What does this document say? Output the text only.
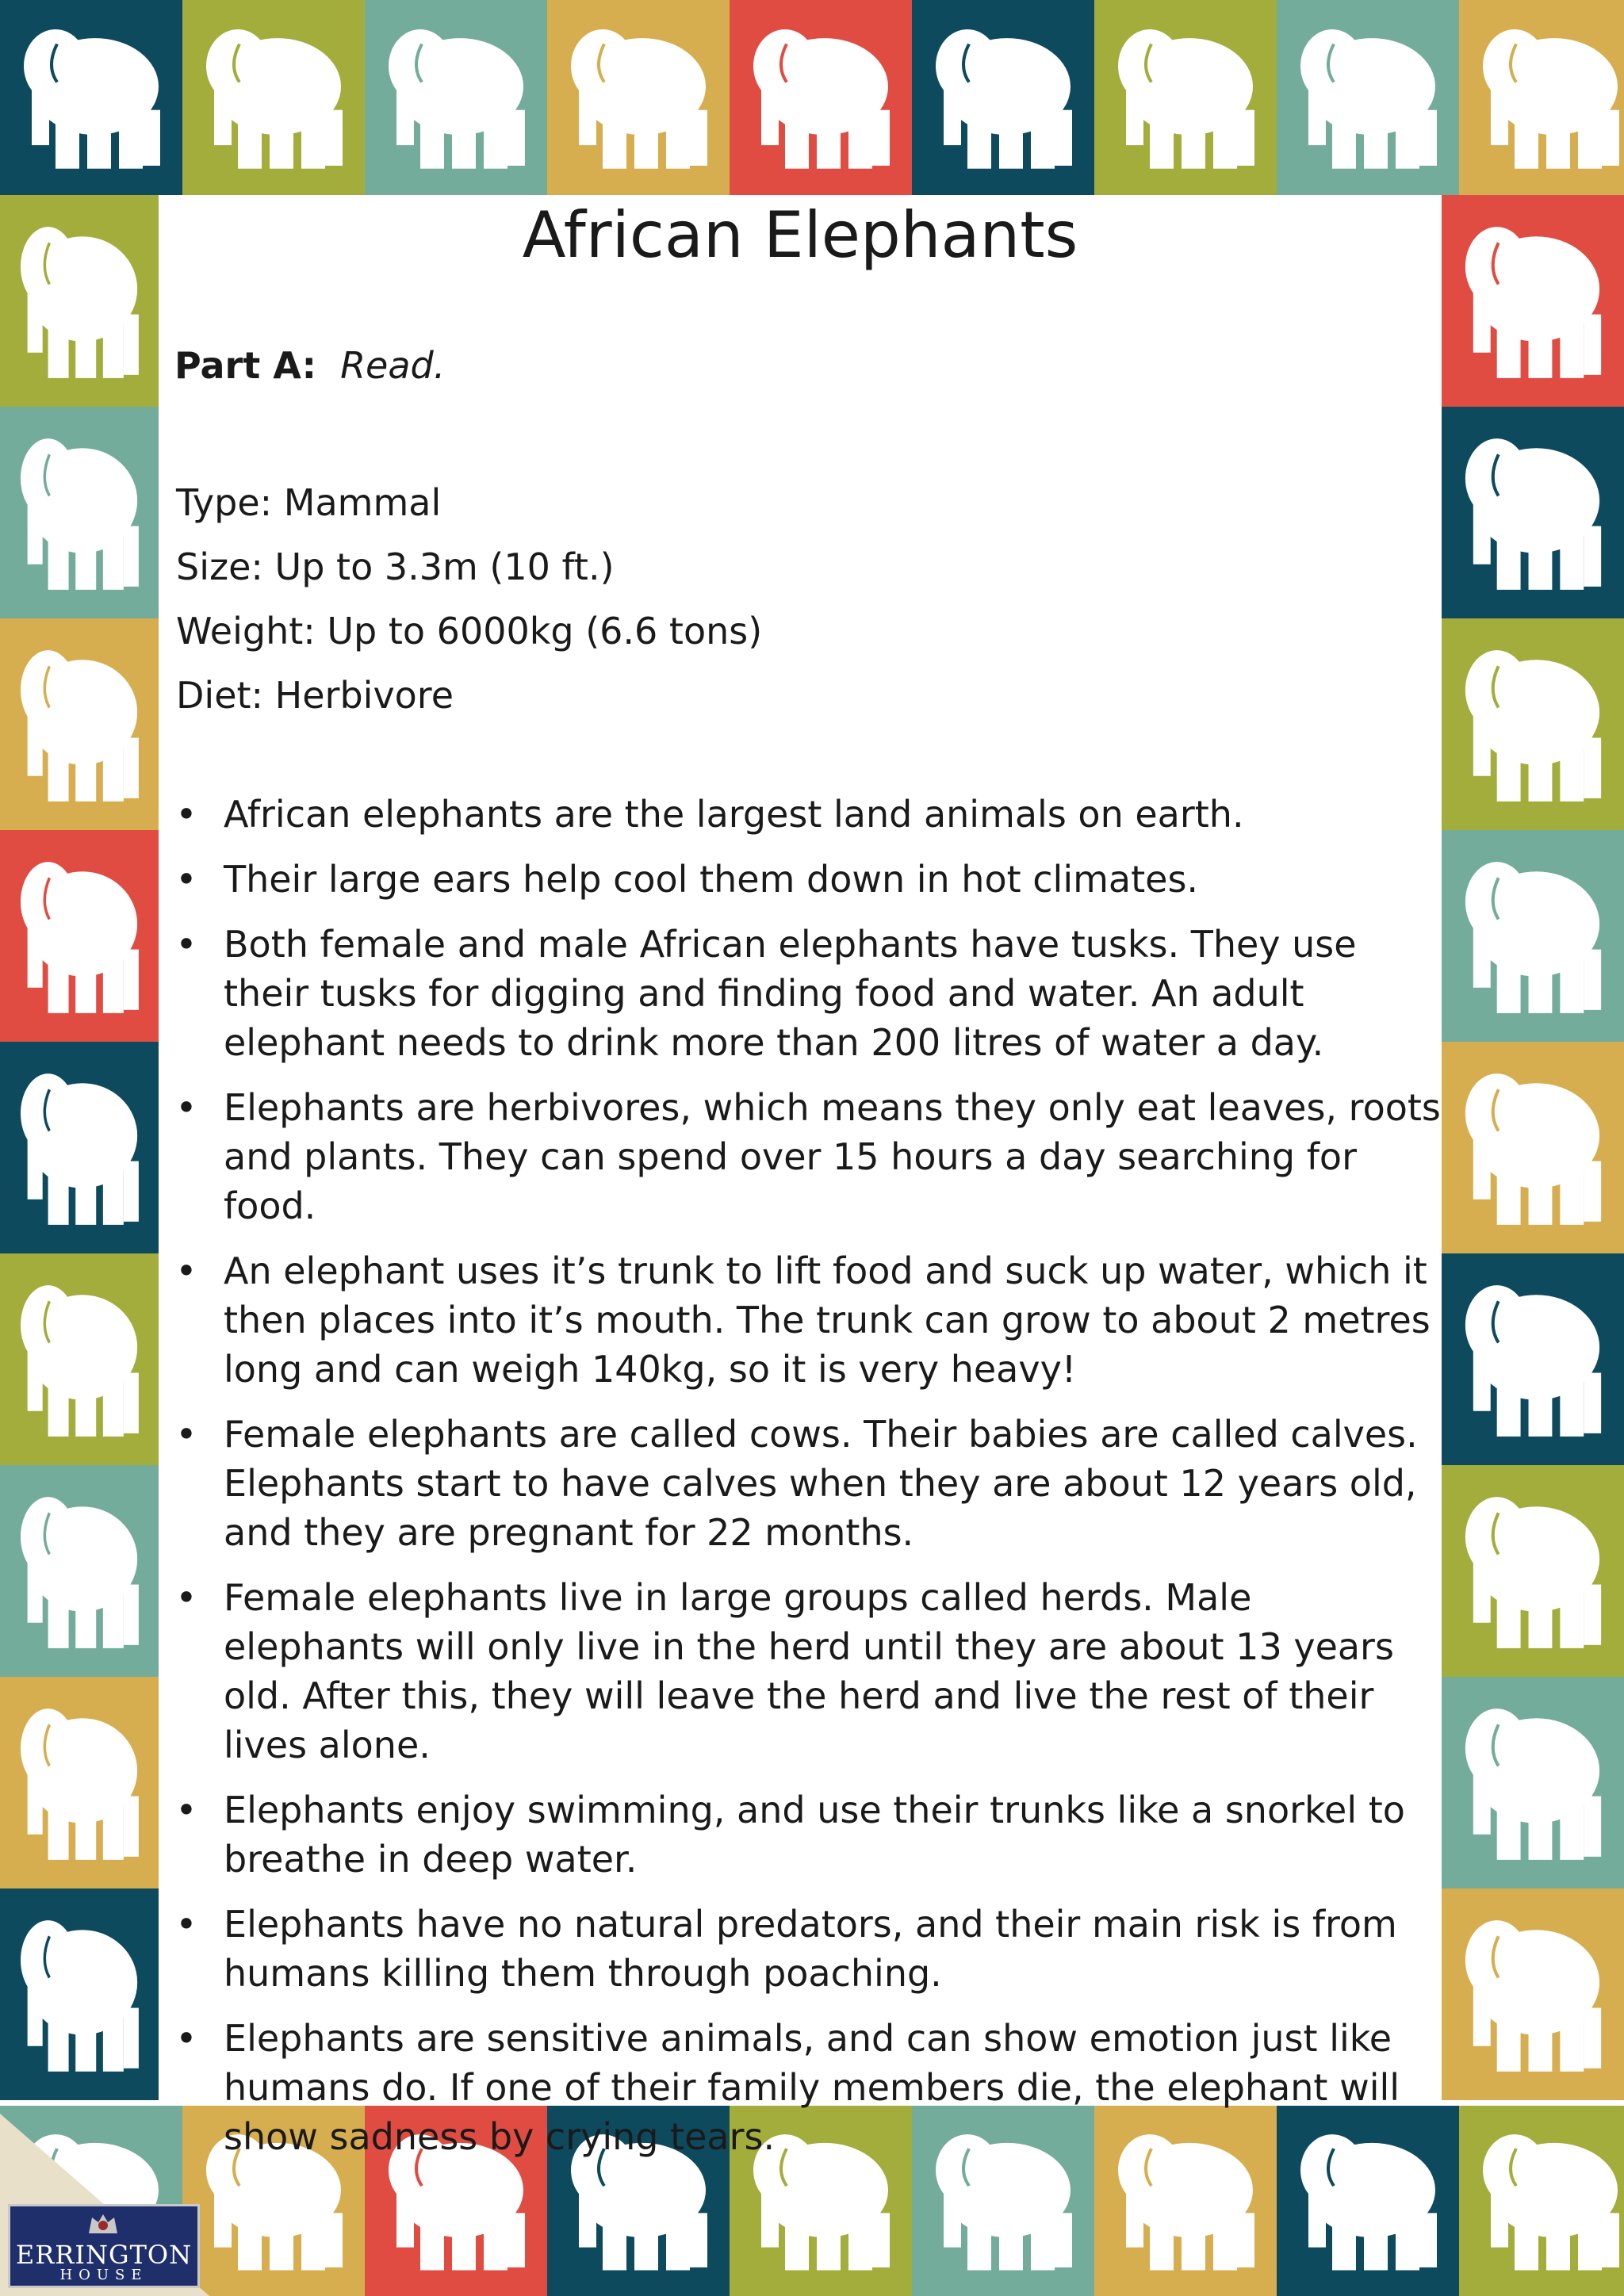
African Elephants
Part A: Read.
Type: Mammal
Size: Up to 3.3m (10 ft.)
Weight: Up to 6000kg (6.6 tons)
Diet: Herbivore
• African elephants are the largest land animals on earth.
• Their large ears help cool them down in hot climates.
• Both female and male African elephants have tusks. They use their tusks for digging and finding food and water. An adult elephant needs to drink more than 200 litres of water a day.
• Elephants are herbivores, which means they only eat leaves, roots and plants. They can spend over 15 hours a day searching for food.
• An elephant uses it’s trunk to lift food and suck up water, which it then places into it’s mouth. The trunk can grow to about 2 metres long and can weigh 140kg, so it is very heavy!
• Female elephants are called cows. Their babies are called calves. Elephants start to have calves when they are about 12 years old, and they are pregnant for 22 months.
• Female elephants live in large groups called herds. Male elephants will only live in the herd until they are about 13 years old. After this, they will leave the herd and live the rest of their lives alone.
• Elephants enjoy swimming, and use their trunks like a snorkel to breathe in deep water.
• Elephants have no natural predators, and their main risk is from humans killing them through poaching.
• Elephants are sensitive animals, and can show emotion just like humans do. If one of their family members die, the elephant will show sadness by crying tears.
ERRINGTON
HOUSE
